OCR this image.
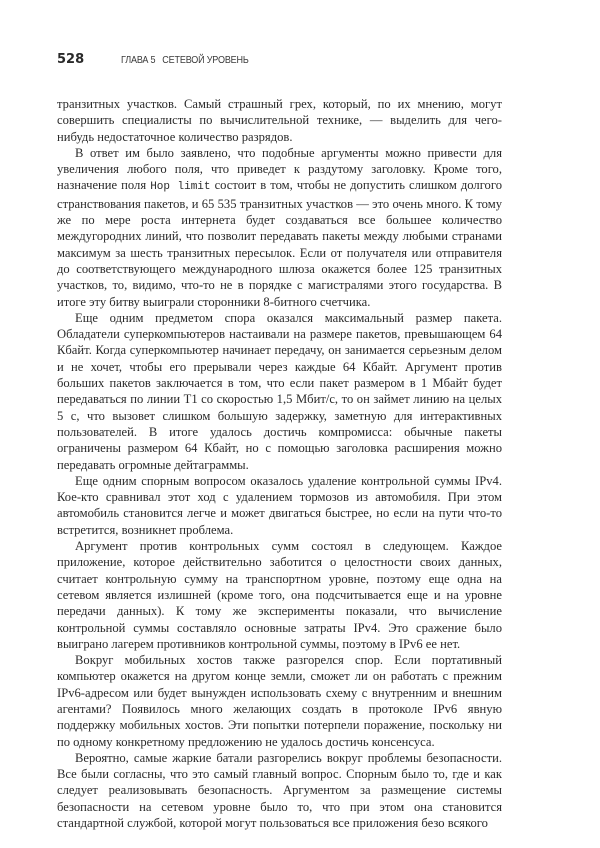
528	ГЛАВА 5 СЕТЕВОЙ УРОВЕНЬ

транзитных участков. Самый страшный грех, который, по их мнению, могут совершить специалисты по вычислительной технике, — выделить для чего-нибудь недостаточное количество разрядов.

В ответ им было заявлено, что подобные аргументы можно привести для увеличения любого поля, что приведет к раздутому заголовку. Кроме того, назначение поля Hop limit состоит в том, чтобы не допустить слишком долгого странствования пакетов, и 65 535 транзитных участков — это очень много. К тому же по мере роста интернета будет создаваться все большее количество междугородних линий, что позволит передавать пакеты между любыми странами максимум за шесть транзитных пересылок. Если от получателя или отправителя до соответствующего международного шлюза окажется более 125 транзитных участков, то, видимо, что-то не в порядке с магистралями этого государства. В итоге эту битву выиграли сторонники 8-битного счетчика.

Еще одним предметом спора оказался максимальный размер пакета. Обладатели суперкомпьютеров настаивали на размере пакетов, превышающем 64 Кбайт. Когда суперкомпьютер начинает передачу, он занимается серьезным делом и не хочет, чтобы его прерывали через каждые 64 Кбайт. Аргумент против больших пакетов заключается в том, что если пакет размером в 1 Мбайт будет передаваться по линии Т1 со скоростью 1,5 Мбит/с, то он займет линию на целых 5 с, что вызовет слишком большую задержку, заметную для интерактивных пользователей. В итоге удалось достичь компромисса: обычные пакеты ограничены размером 64 Кбайт, но с помощью заголовка расширения можно передавать огромные дейтаграммы.

Еще одним спорным вопросом оказалось удаление контрольной суммы IPv4. Кое-кто сравнивал этот ход с удалением тормозов из автомобиля. При этом автомобиль становится легче и может двигаться быстрее, но если на пути что-то встретится, возникнет проблема.

Аргумент против контрольных сумм состоял в следующем. Каждое приложение, которое действительно заботится о целостности своих данных, считает контрольную сумму на транспортном уровне, поэтому еще одна на сетевом является излишней (кроме того, она подсчитывается еще и на уровне передачи данных). К тому же эксперименты показали, что вычисление контрольной суммы составляло основные затраты IPv4. Это сражение было выиграно лагерем противников контрольной суммы, поэтому в IPv6 ее нет.

Вокруг мобильных хостов также разгорелся спор. Если портативный компьютер окажется на другом конце земли, сможет ли он работать с прежним IPv6-адресом или будет вынужден использовать схему с внутренним и внешним агентами? Появилось много желающих создать в протоколе IPv6 явную поддержку мобильных хостов. Эти попытки потерпели поражение, поскольку ни по одному конкретному предложению не удалось достичь консенсуса.

Вероятно, самые жаркие батали разгорелись вокруг проблемы безопасности. Все были согласны, что это самый главный вопрос. Спорным было то, где и как следует реализовывать безопасность. Аргументом за размещение системы безопасности на сетевом уровне было то, что при этом она становится стандартной службой, которой могут пользоваться все приложения безо всякого
